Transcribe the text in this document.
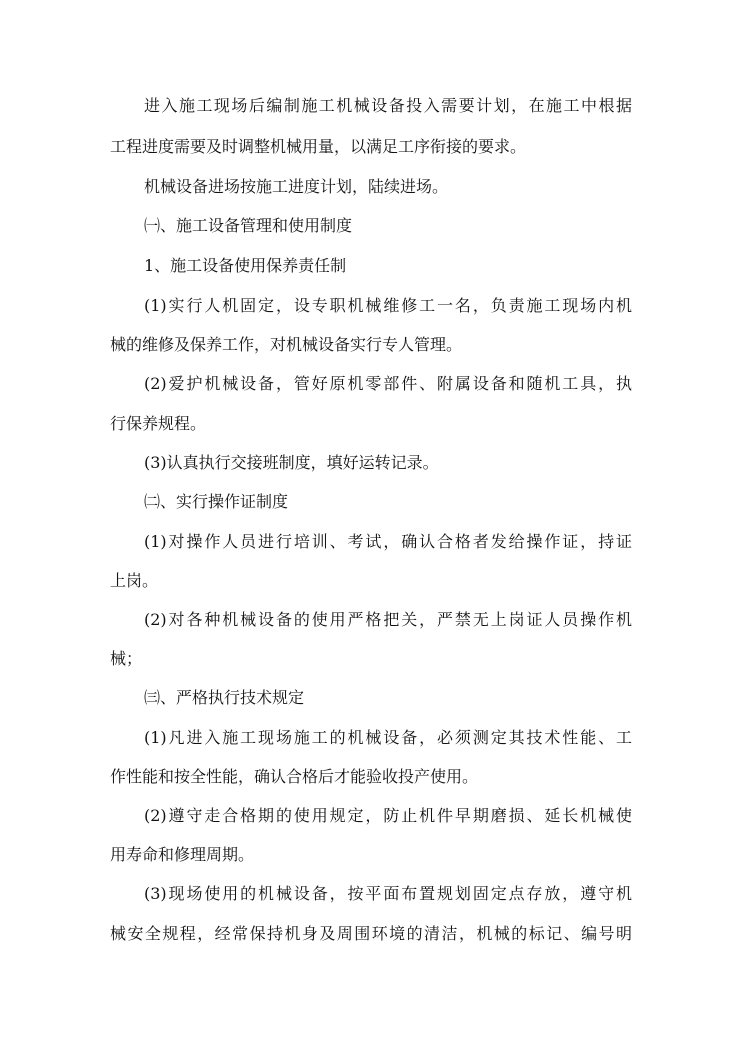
进入施工现场后编制施工机械设备投入需要计划，在施工中根据

工程进度需要及时调整机械用量，以满足工序衔接的要求。

机械设备进场按施工进度计划，陆续进场。

㈠、施工设备管理和使用制度

1、施工设备使用保养责任制

(1)实行人机固定，设专职机械维修工一名，负责施工现场内机

械的维修及保养工作，对机械设备实行专人管理。

(2)爱护机械设备，管好原机零部件、附属设备和随机工具，执

行保养规程。

(3)认真执行交接班制度，填好运转记录。

㈡、实行操作证制度

(1)对操作人员进行培训、考试，确认合格者发给操作证，持证

上岗。

(2)对各种机械设备的使用严格把关，严禁无上岗证人员操作机

械；

㈢、严格执行技术规定

(1)凡进入施工现场施工的机械设备，必须测定其技术性能、工

作性能和按全性能，确认合格后才能验收投产使用。

(2)遵守走合格期的使用规定，防止机件早期磨损、延长机械使

用寿命和修理周期。

(3)现场使用的机械设备，按平面布置规划固定点存放，遵守机

械安全规程，经常保持机身及周围环境的清洁，机械的标记、编号明
